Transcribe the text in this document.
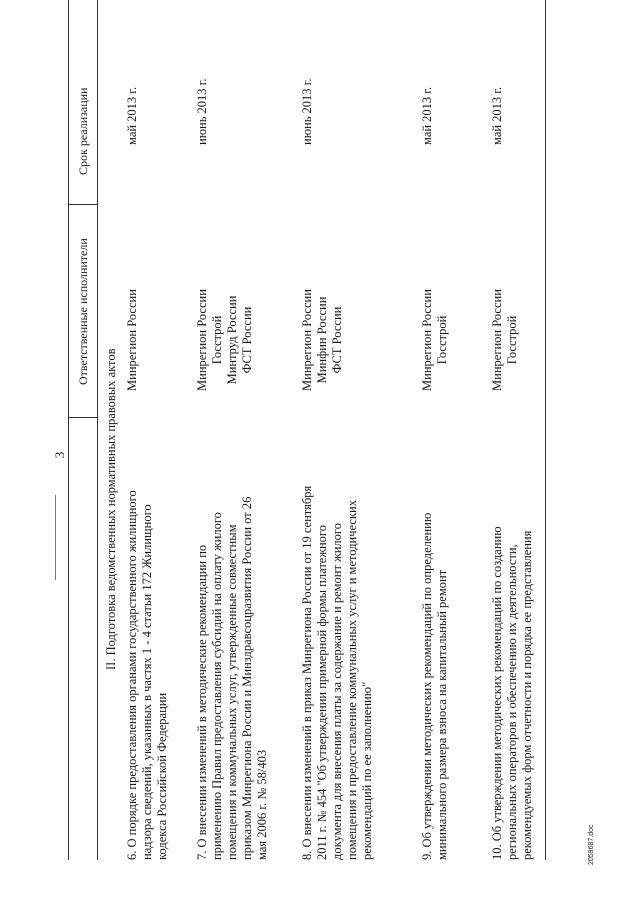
3
Ответственные исполнители
Срок реализации
II. Подготовка ведомственных нормативных правовых актов 6. О порядке предоставления органами государственного жилищного надзора сведений, указанных в частях 1 - 4 статьи 172 Жилищного кодекса Российской Федерации
Минрегион России
май 2013 г.
7. О внесении изменений в методические рекомендации по применению Правил предоставления субсидий на оплату жилого помещения и коммунальных услуг, утвержденные совместным приказом Минрегиона России и Минздравсоцразвития России от 26 мая 2006 г. № 58/403
Минрегион России Госстрой Минтруд России ФСТ России
июнь 2013 г.
8. О внесении изменений в приказ Минрегиона России от 19 сентября 2011 г. № 454 "Об утверждении примерной формы платежного документа для внесения платы за содержание и ремонт жилого помещения и предоставление коммунальных услуг и методических рекомендаций по ее заполнению"
Минрегион России Минфин России ФСТ России
июнь 2013 г.
9. Об утверждении методических рекомендаций по определению минимального размера взноса на капитальный ремонт
Минрегион России Госстрой
май 2013 г.
10. Об утверждении методических рекомендаций по созданию региональных операторов и обеспечению их деятельности, рекомендуемых форм отчетности и порядка ее представления
Минрегион России Госстрой
май 2013 г.
2059687.doc
